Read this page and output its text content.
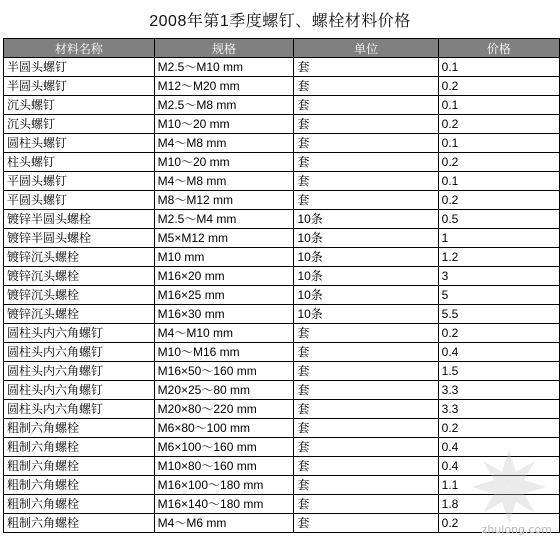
2008年第1季度螺钉、螺栓材料价格
材料名称	规格	单位	价格
半圆头螺钉	M2.5～M10 mm	套	0.1
半圆头螺钉	M12～M20 mm	套	0.2
沉头螺钉	M2.5～M8 mm	套	0.1
沉头螺钉	M10～20 mm	套	0.2
圆柱头螺钉	M4～M8 mm	套	0.1
柱头螺钉	M10～20 mm	套	0.2
平圆头螺钉	M4～M8 mm	套	0.1
平圆头螺钉	M8～M12 mm	套	0.2
镀锌半圆头螺栓	M2.5～M4 mm	10条	0.5
镀锌半圆头螺栓	M5×M12 mm	10条	1
镀锌沉头螺栓	M10 mm	10条	1.2
镀锌沉头螺栓	M16×20 mm	10条	3
镀锌沉头螺栓	M16×25 mm	10条	5
镀锌沉头螺栓	M16×30 mm	10条	5.5
圆柱头内六角螺钉	M4～M10 mm	套	0.2
圆柱头内六角螺钉	M10～M16 mm	套	0.4
圆柱头内六角螺钉	M16×50～160 mm	套	1.5
圆柱头内六角螺钉	M20×25～80 mm	套	3.3
圆柱头内六角螺钉	M20×80～220 mm	套	3.3
粗制六角螺栓	M6×80～100 mm	套	0.2
粗制六角螺栓	M6×100～160 mm	套	0.4
粗制六角螺栓	M10×80～160 mm	套	0.4
粗制六角螺栓	M16×100～180 mm	套	1.1
粗制六角螺栓	M16×140～180 mm	套	1.8
粗制六角螺栓	M4～M6 mm	套	0.2 zhulong.com
